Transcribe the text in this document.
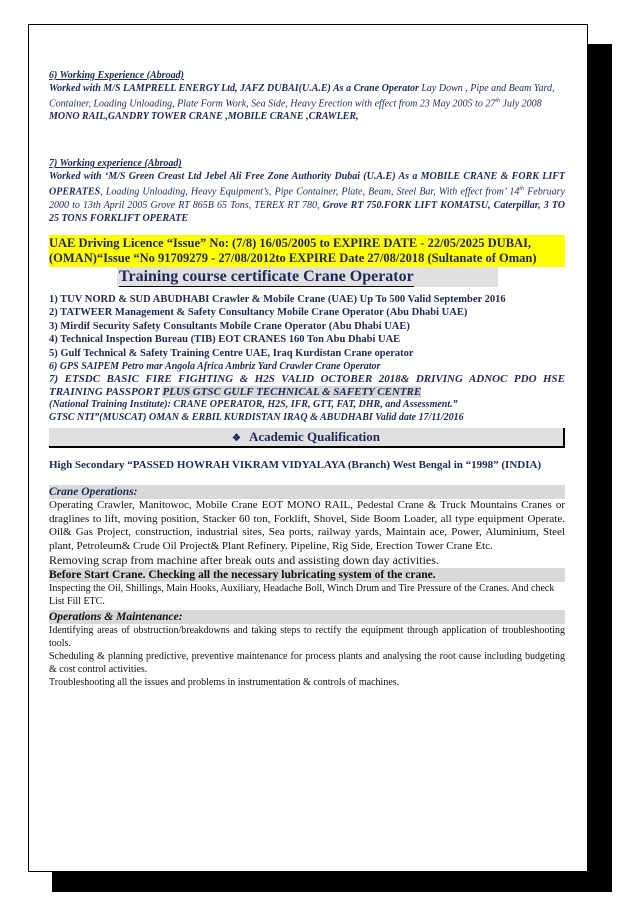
6) Working Experience (Abroad)

Worked with M/S LAMPRELL ENERGY Ltd, JAFZ DUBAI(U.A.E) As a Crane Operator Lay Down , Pipe and Beam Yard, Container, Loading Unloading, Plate Form Work, Sea Side, Heavy Erection with effect from 23 May 2005 to 27th July 2008 MONO RAIL,GANDRY TOWER CRANE ,MOBILE CRANE ,CRAWLER,

7) Working experience (Abroad)

Worked with ‘M/S Green Creast Ltd Jebel Ali Free Zone Authority Dubai (U.A.E) As a MOBILE CRANE & FORK LIFT OPERATES, Loading Unloading, Heavy Equipment’s, Pipe Container, Plate, Beam, Steel Bar, With effect from’ 14th February 2000 to 13th April 2005 Grove RT 865B 65 Tons, TEREX RT 780, Grove RT 750.FORK LIFT KOMATSU, Caterpillar, 3 TO 25 TONS FORKLIFT OPERATE

UAE Driving Licence “Issue” No: (7/8) 16/05/2005 to EXPIRE DATE - 22/05/2025 DUBAI,

(OMAN)“Issue “No 91709279 - 27/08/2012to EXPIRE Date 27/08/2018 (Sultanate of Oman)

Training course certificate Crane Operator

1) TUV NORD & SUD ABUDHABI Crawler & Mobile Crane (UAE) Up To 500 Valid September 2016

2) TATWEER Management & Safety Consultancy Mobile Crane Operator (Abu Dhabi UAE)

3) Mirdif Security Safety Consultants Mobile Crane Operator (Abu Dhabi UAE)

4) Technical Inspection Bureau (TIB) EOT CRANES 160 Ton Abu Dhabi UAE

5) Gulf Technical & Safety Training Centre UAE, Iraq Kurdistan Crane operator

6) GPS SAIPEM Petro mar Angola Africa Ambriz Yard Crawler Crane Operator

7) ETSDC BASIC FIRE FIGHTING & H2S VALID OCTOBER 2018& DRIVING ADNOC PDO HSE TRAINING PASSPORT PLUS GTSC GULF TECHNICAL & SAFETY CENTRE

(National Training Institute): CRANE OPERATOR, H2S, IFR, GTT, FAT, DHR, and Assessment.”

GTSC NTI”(MUSCAT) OMAN & ERBIL KURDISTAN IRAQ & ABUDHABI Valid date 17/11/2016

❖ Academic Qualification

High Secondary “PASSED HOWRAH VIKRAM VIDYALAYA (Branch) West Bengal in “1998” (INDIA)

Crane Operations:

Operating Crawler, Manitowoc, Mobile Crane EOT MONO RAIL, Pedestal Crane & Truck Mountains Cranes or draglines to lift, moving position, Stacker 60 ton, Forklift, Shovel, Side Boom Loader, all type equipment Operate. Oil& Gas Project, construction, industrial sites, Sea ports, railway yards, Maintain ace, Power, Aluminium, Steel plant, Petroleum& Crude Oil Project& Plant Refinery. Pipeline, Rig Side, Erection Tower Crane Etc.

Removing scrap from machine after break outs and assisting down day activities.

Before Start Crane. Checking all the necessary lubricating system of the crane.

Inspecting the Oil, Shillings, Main Hooks, Auxiliary, Headache Boll, Winch Drum and Tire Pressure of the Cranes. And check List Fill ETC.

Operations & Maintenance:

Identifying areas of obstruction/breakdowns and taking steps to rectify the equipment through application of troubleshooting tools.

Scheduling & planning predictive, preventive maintenance for process plants and analysing the root cause including budgeting & cost control activities.

Troubleshooting all the issues and problems in instrumentation & controls of machines.
